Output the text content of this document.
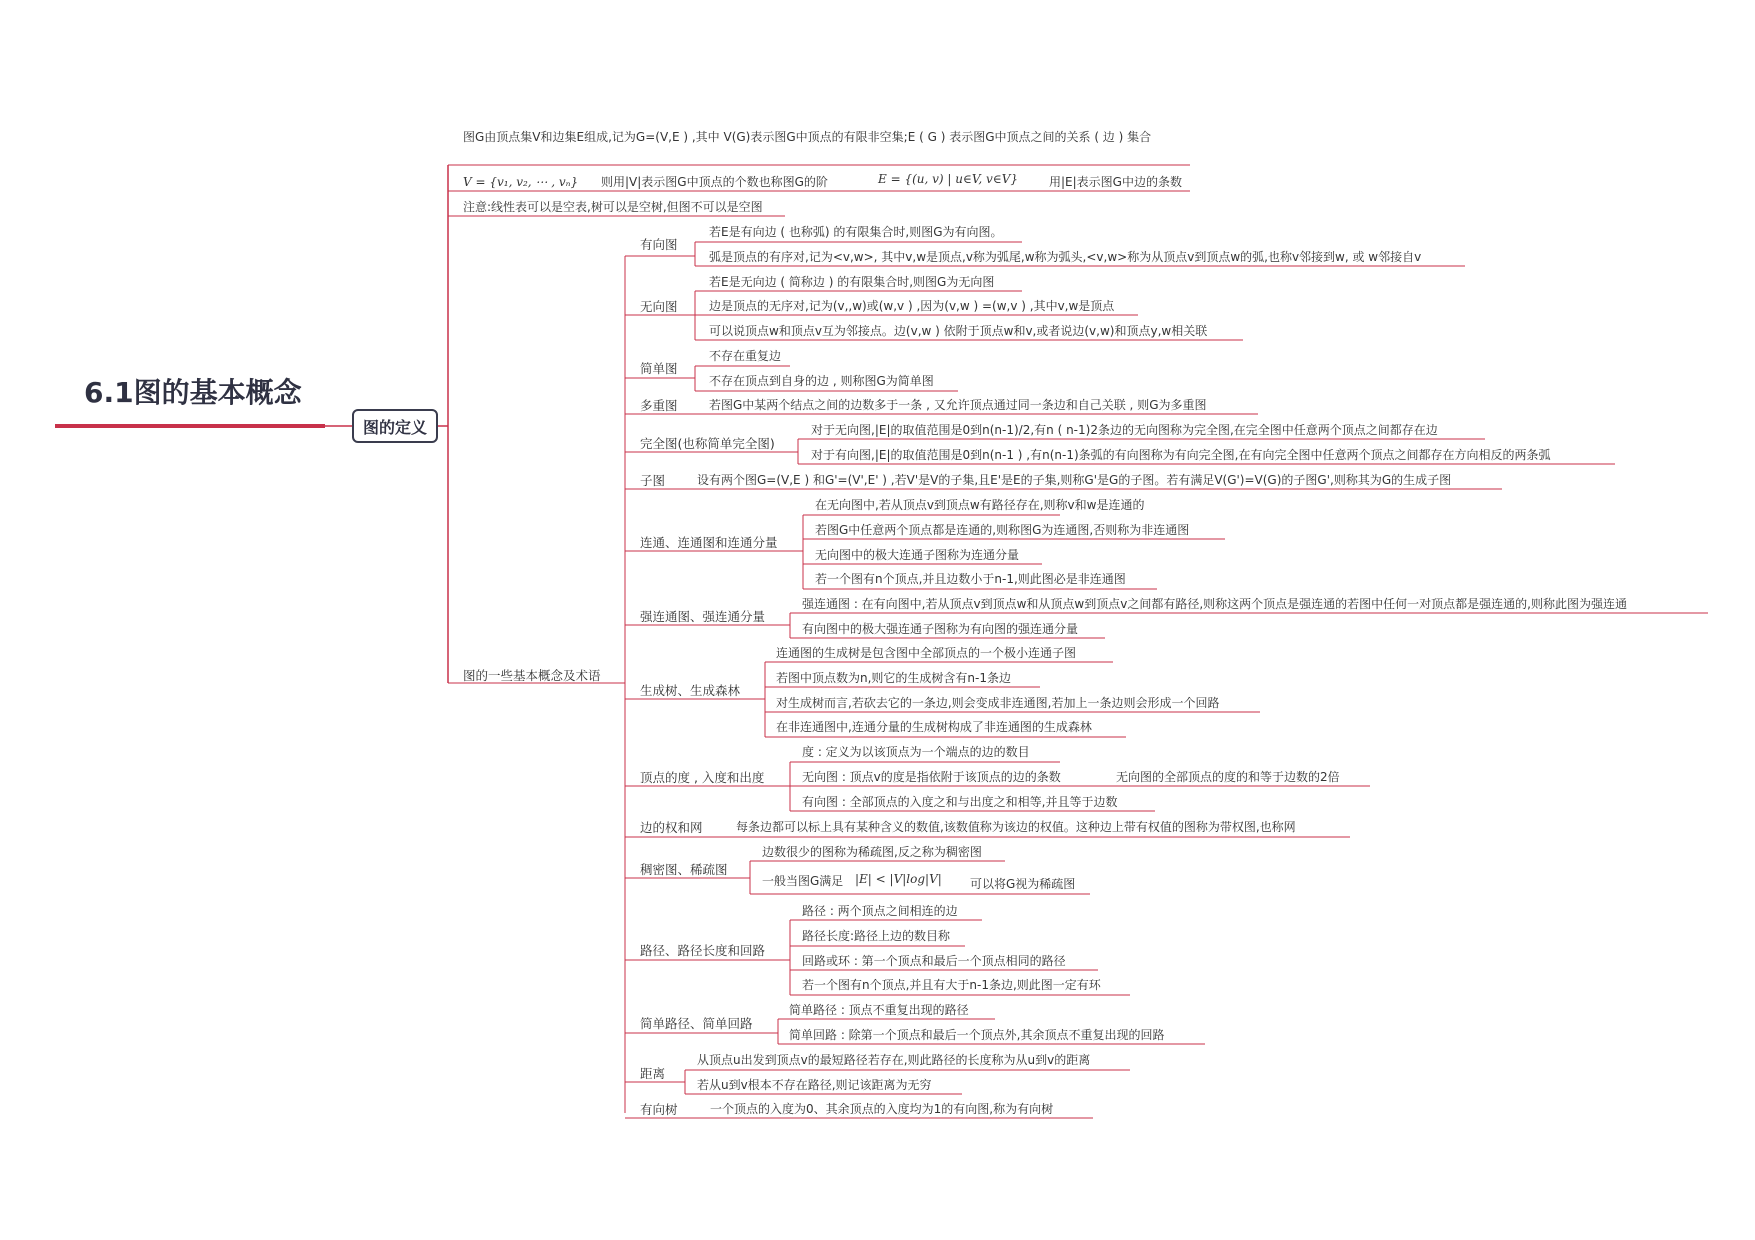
6.1图的基本概念
图的定义
图G由顶点集V和边集E组成,记为G=(V,E ) ,其中 V(G)表示图G中顶点的有限非空集;E ( G ) 表示图G中顶点之间的关系 ( 边 ) 集合
V = {v₁, v₂, ⋯ , vₙ} 则用|V|表示图G中顶点的个数也称图G的阶	E = {(u, v) | u∈V, v∈V}	用|E|表示图G中边的条数
注意:线性表可以是空表,树可以是空树,但图不可以是空图
图的一些基本概念及术语
有向图
若E是有向边 ( 也称弧) 的有限集合时,则图G为有向图。
弧是顶点的有序对,记为<v,w>, 其中v,w是顶点,v称为弧尾,w称为弧头,<v,w>称为从顶点v到顶点w的弧,也称v邻接到w, 或 w邻接自v
无向图
若E是无向边 ( 简称边 ) 的有限集合时,则图G为无向图
边是顶点的无序对,记为(v,,w)或(w,v ) ,因为(v,w ) =(w,v ) ,其中v,w是顶点
可以说顶点w和顶点v互为邻接点。边(v,w ) 依附于顶点w和v,或者说边(v,w)和顶点y,w相关联
简单图
不存在重复边
不存在顶点到自身的边 , 则称图G为简单图
多重图	若图G中某两个结点之间的边数多于一条 , 又允许顶点通过同一条边和自己关联 , 则G为多重图
完全图(也称简单完全图)
对于无向图,|E|的取值范围是0到n(n-1)/2,有n ( n-1)2条边的无向图称为完全图,在完全图中任意两个顶点之间都存在边
对于有向图,|E|的取值范围是0到n(n-1 ) ,有n(n-1)条弧的有向图称为有向完全图,在有向完全图中任意两个顶点之间都存在方向相反的两条弧
子图	设有两个图G=(V,E ) 和G'=(V',E' ) ,若V'是V的子集,且E'是E的子集,则称G'是G的子图。若有满足V(G')=V(G)的子图G',则称其为G的生成子图
连通、连通图和连通分量
在无向图中,若从顶点v到顶点w有路径存在,则称v和w是连通的
若图G中任意两个顶点都是连通的,则称图G为连通图,否则称为非连通图
无向图中的极大连通子图称为连通分量
若一个图有n个顶点,并且边数小于n-1,则此图必是非连通图
强连通图、强连通分量
强连通图 : 在有向图中,若从顶点v到顶点w和从顶点w到顶点v之间都有路径,则称这两个顶点是强连通的若图中任何一对顶点都是强连通的,则称此图为强连通
有向图中的极大强连通子图称为有向图的强连通分量
生成树、生成森林
连通图的生成树是包含图中全部顶点的一个极小连通子图
若图中顶点数为n,则它的生成树含有n-1条边
对生成树而言,若砍去它的一条边,则会变成非连通图,若加上一条边则会形成一个回路
在非连通图中,连通分量的生成树构成了非连通图的生成森林
顶点的度 , 入度和出度
度 : 定义为以该顶点为一个端点的边的数目
无向图 : 顶点v的度是指依附于该顶点的边的条数	无向图的全部顶点的度的和等于边数的2倍
有向图 : 全部顶点的入度之和与出度之和相等,并且等于边数
边的权和网	每条边都可以标上具有某种含义的数值,该数值称为该边的权值。这种边上带有权值的图称为带权图,也称网
稠密图、稀疏图
边数很少的图称为稀疏图,反之称为稠密图
一般当图G满足 |E| < |V|log|V| 可以将G视为稀疏图
路径、路径长度和回路
路径 : 两个顶点之间相连的边
路径长度:路径上边的数目称
回路或环 : 第一个顶点和最后一个顶点相同的路径
若一个图有n个顶点,并且有大于n-1条边,则此图一定有环
简单路径、简单回路
简单路径 : 顶点不重复出现的路径
简单回路 : 除第一个顶点和最后一个顶点外,其余顶点不重复出现的回路
距离
从顶点u出发到顶点v的最短路径若存在,则此路径的长度称为从u到v的距离
若从u到v根本不存在路径,则记该距离为无穷
有向树	一个顶点的入度为0、其余顶点的入度均为1的有向图,称为有向树
